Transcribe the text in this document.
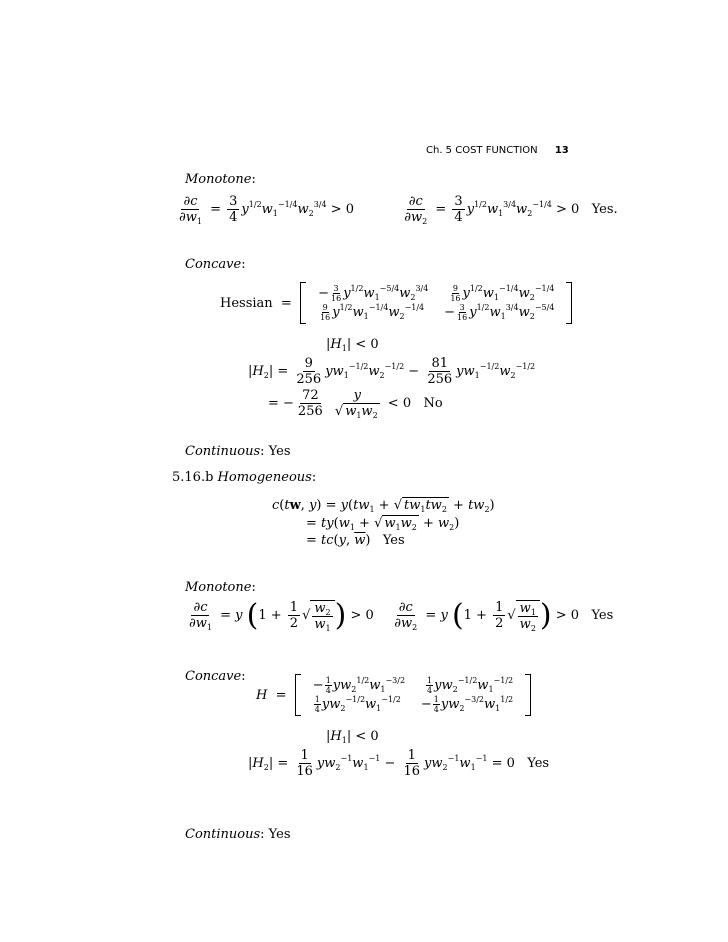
Ch. 5 COST FUNCTION 13
Monotone:
$\frac{\partial c}{\partial w_1} = \frac{3}{4} y^{1/2}w_1^{-1/4}w_2^{3/4} > 0$	$\frac{\partial c}{\partial w_2} = \frac{3}{4} y^{1/2}w_1^{3/4}w_2^{-1/4} > 0$   Yes.
Concave:
Hessian  =
− $\frac{3}{16} y^{1/2}w_1^{-5/4}w_2^{3/4}$	$\frac{9}{16} y^{1/2}w_1^{-1/4}w_2^{-1/4}$
$\frac{9}{16} y^{1/2}w_1^{-1/4}w_2^{-1/4}$	− $\frac{3}{16} y^{1/2}w_1^{3/4}w_2^{-5/4}$
$|H_1| < 0$
$|H_2| = \frac{9}{256} yw_1^{-1/2}w_2^{-1/2} - \frac{81}{256} yw_1^{-1/2}w_2^{-1/2}$
= − $\frac{72}{256}$
$\frac{y}{√ w_1w_2} < 0$   No
Continuous: Yes
5.16.b Homogeneous:
c(tw, $y) = y(tw_1$ + √ $tw_1tw_2 + tw_2$)
= $ty(w_1$ + √ $w_1w_2 + w_2$)
= tc(y, $\overline{w}$)   Yes
Monotone:
$\frac{\partial c}{\partial w_1} = y$ ($1 + \frac{1}{2}$ √ $\frac{w_2}{w_1}$ ) > $0 \frac{\partial c}{\partial w_2} = y$ ($1 + \frac{1}{2}$ √ $\frac{w_1}{w_2}$ ) > 0   Yes
Concave:
H  =
− $\frac{1}{4} yw_2^{1/2}w_1^{-3/2}$	$\frac{1}{4} yw_2^{-1/2}w_1^{-1/2}$
$\frac{1}{4} yw_2^{-1/2}w_1^{-1/2}$	− $\frac{1}{4} yw_2^{-3/2}w_1^{1/2}$
$|H_1| < 0$
$|H_2| = \frac{1}{16} yw_2^{-1}w_1^{-1} - \frac{1}{16} yw_2^{-1}w_1^{-1} = 0$   Yes
Continuous: Yes
